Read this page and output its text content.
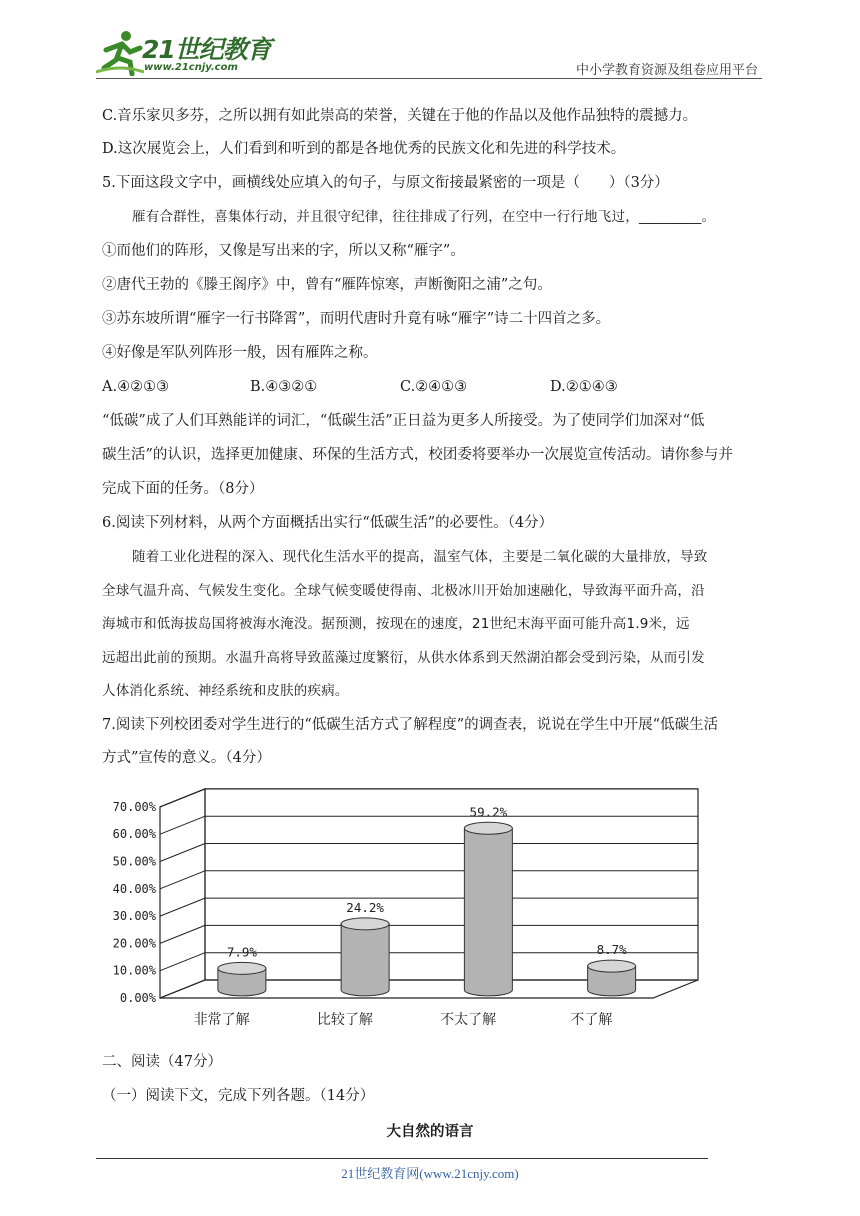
21世纪教育
www.21cnjy.com	中小学教育资源及组卷应用平台
C.音乐家贝多芬，之所以拥有如此崇高的荣誉，关键在于他的作品以及他作品独特的震撼力。
D.这次展览会上，人们看到和听到的都是各地优秀的民族文化和先进的科学技术。
5.下面这段文字中，画横线处应填入的句子，与原文衔接最紧密的一项是（　　）（3分）
雁有合群性，喜集体行动，并且很守纪律，往往排成了行列，在空中一行行地飞过，_________。
①而他们的阵形，又像是写出来的字，所以又称“雁字”。
②唐代王勃的《滕王阁序》中，曾有“雁阵惊寒，声断衡阳之浦”之句。
③苏东坡所谓“雁字一行书降霄”，而明代唐时升竟有咏“雁字”诗二十四首之多。
④好像是军队列阵形一般，因有雁阵之称。
A.④②①③	B.④③②①	C.②④①③	D.②①④③
“低碳”成了人们耳熟能详的词汇，“低碳生活”正日益为更多人所接受。为了使同学们加深对“低
碳生活”的认识，选择更加健康、环保的生活方式，校团委将要举办一次展览宣传活动。请你参与并
完成下面的任务。（8分）
6.阅读下列材料，从两个方面概括出实行“低碳生活”的必要性。（4分）
随着工业化进程的深入、现代化生活水平的提高，温室气体，主要是二氧化碳的大量排放，导致
全球气温升高、气候发生变化。全球气候变暖使得南、北极冰川开始加速融化，导致海平面升高，沿
海城市和低海拔岛国将被海水淹没。据预测，按现在的速度，21世纪末海平面可能升高1.9米，远
远超出此前的预期。水温升高将导致蓝藻过度繁衍，从供水体系到天然湖泊都会受到污染，从而引发
人体消化系统、神经系统和皮肤的疾病。
7.阅读下列校团委对学生进行的“低碳生活方式了解程度”的调查表，说说在学生中开展“低碳生活
方式”宣传的意义。（4分）
0.00%
10.00%
20.00%
30.00%
40.00%
50.00%
60.00%
70.00%
7.9%
非常了解
24.2%
比较了解
59.2%
不太了解
8.7%
不了解
二、阅读（47分）
（一）阅读下文，完成下列各题。（14分）
大自然的语言
21世纪教育网(www.21cnjy.com)
